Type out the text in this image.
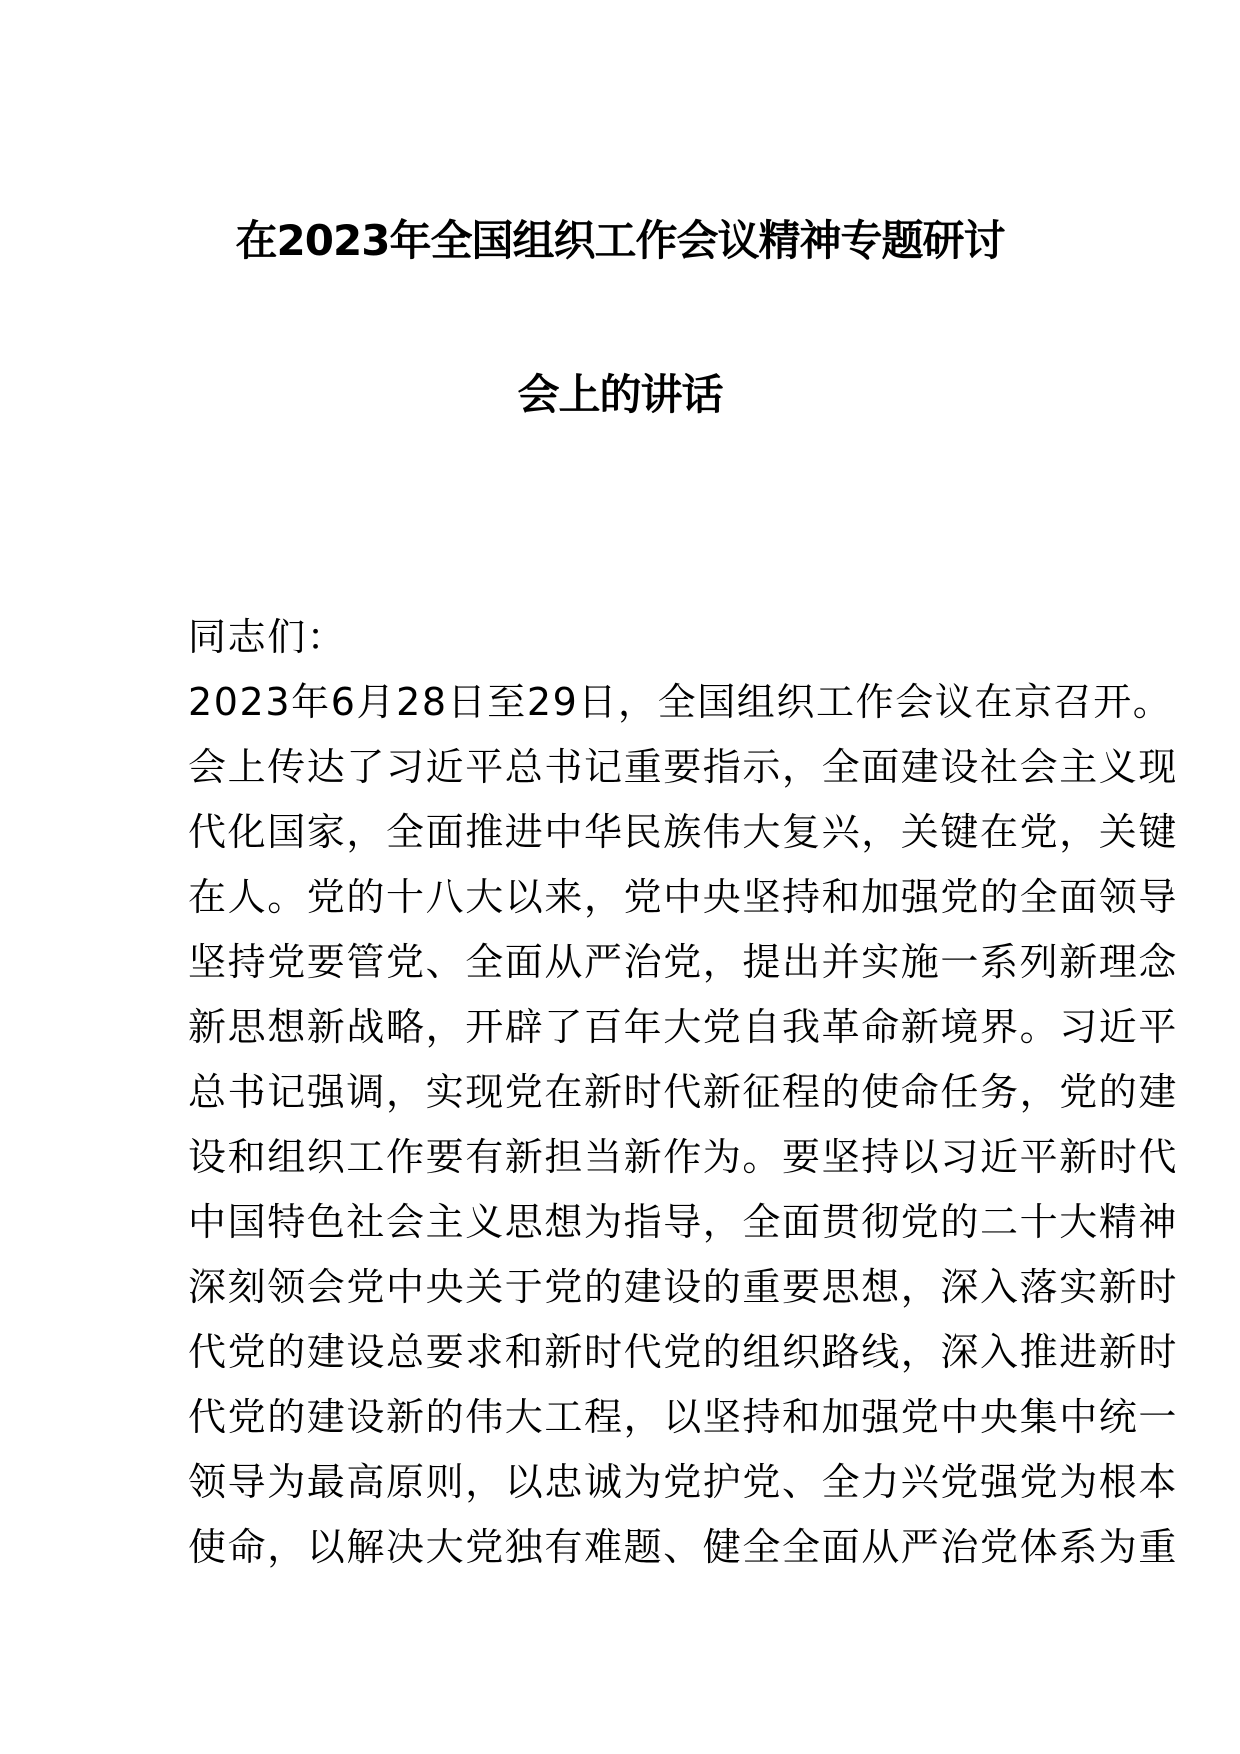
在2023年全国组织工作会议精神专题研讨
会上的讲话
同志们：
2023年6月28日至29日，全国组织工作会议在京召开。
会上传达了习近平总书记重要指示，全面建设社会主义现
代化国家，全面推进中华民族伟大复兴，关键在党，关键
在人。党的十八大以来，党中央坚持和加强党的全面领导
坚持党要管党、全面从严治党，提出并实施一系列新理念
新思想新战略，开辟了百年大党自我革命新境界。习近平
总书记强调，实现党在新时代新征程的使命任务，党的建
设和组织工作要有新担当新作为。要坚持以习近平新时代
中国特色社会主义思想为指导，全面贯彻党的二十大精神
深刻领会党中央关于党的建设的重要思想，深入落实新时
代党的建设总要求和新时代党的组织路线，深入推进新时
代党的建设新的伟大工程，以坚持和加强党中央集中统一
领导为最高原则，以忠诚为党护党、全力兴党强党为根本
使命，以解决大党独有难题、健全全面从严治党体系为重
